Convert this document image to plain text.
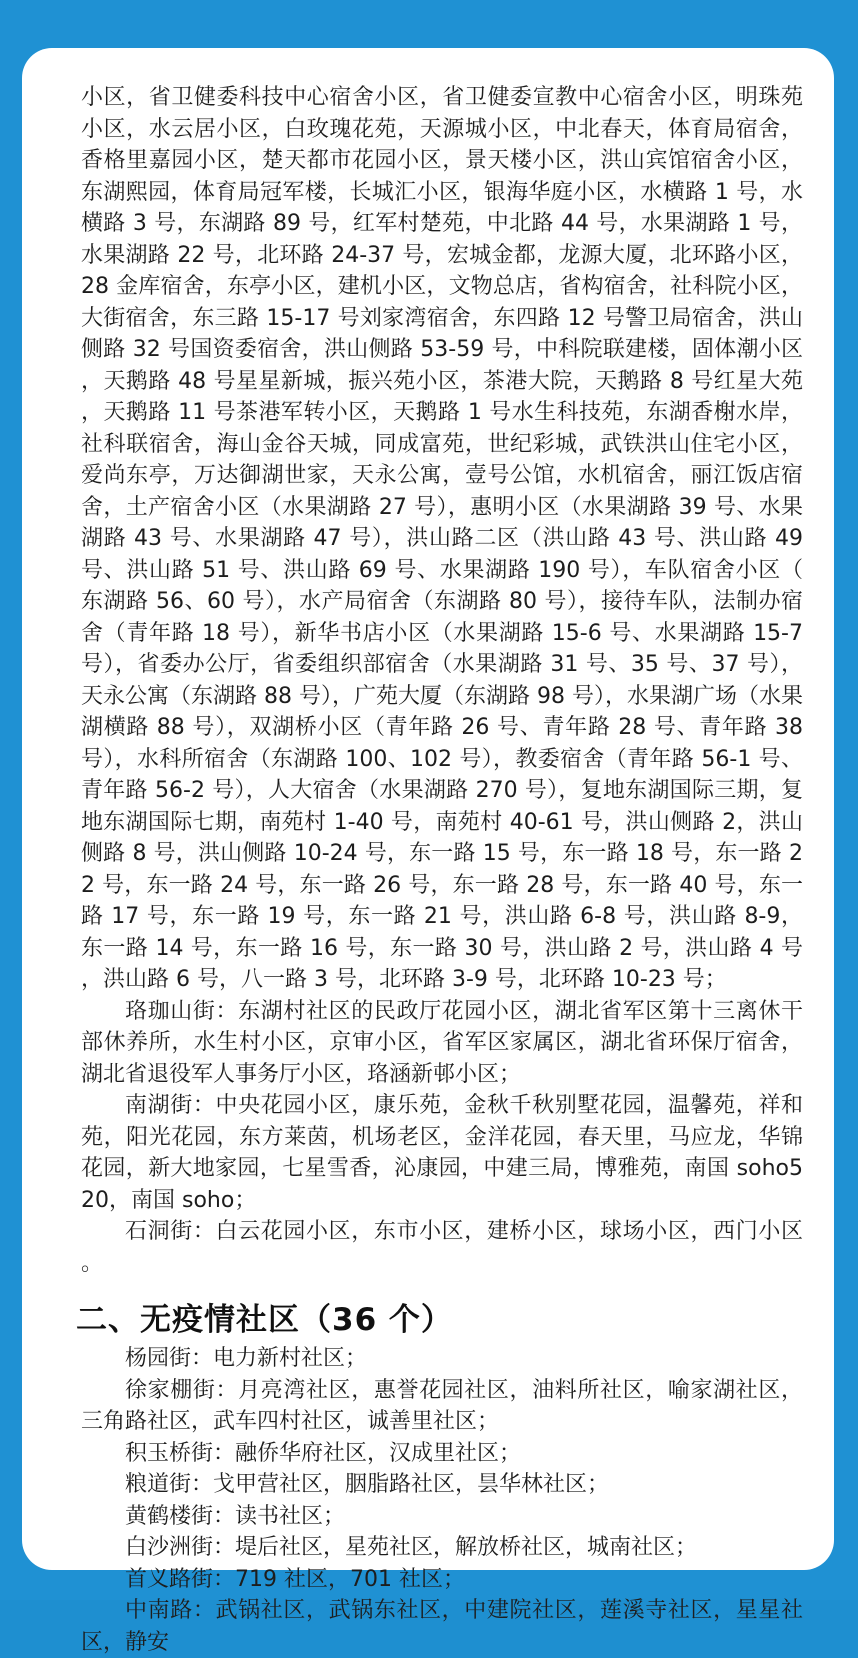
小区，省卫健委科技中心宿舍小区，省卫健委宣教中心宿舍小区，明珠苑小区，水云居小区，白玫瑰花苑，天源城小区，中北春天，体育局宿舍，香格里嘉园小区，楚天都市花园小区，景天楼小区，洪山宾馆宿舍小区，东湖熙园，体育局冠军楼，长城汇小区，银海华庭小区，水横路 1 号，水横路 3 号，东湖路 89 号，红军村楚苑，中北路 44 号，水果湖路 1 号，水果湖路 22 号，北环路 24-37 号，宏城金都，龙源大厦，北环路小区，28 金库宿舍，东亭小区，建机小区，文物总店，省构宿舍，社科院小区，大街宿舍，东三路 15-17 号刘家湾宿舍，东四路 12 号警卫局宿舍，洪山侧路 32 号国资委宿舍，洪山侧路 53-59 号，中科院联建楼，固体潮小区，天鹅路 48 号星星新城，振兴苑小区，茶港大院，天鹅路 8 号红星大苑，天鹅路 11 号茶港军转小区，天鹅路 1 号水生科技苑，东湖香榭水岸，社科联宿舍，海山金谷天城，同成富苑，世纪彩城，武铁洪山住宅小区，爱尚东亭，万达御湖世家，天永公寓，壹号公馆，水机宿舍，丽江饭店宿舍，土产宿舍小区（水果湖路 27 号），惠明小区（水果湖路 39 号、水果湖路 43 号、水果湖路 47 号），洪山路二区（洪山路 43 号、洪山路 49 号、洪山路 51 号、洪山路 69 号、水果湖路 190 号），车队宿舍小区（东湖路 56、60 号），水产局宿舍（东湖路 80 号），接待车队，法制办宿舍（青年路 18 号），新华书店小区（水果湖路 15-6 号、水果湖路 15-7 号），省委办公厅，省委组织部宿舍（水果湖路 31 号、35 号、37 号），天永公寓（东湖路 88 号），广苑大厦（东湖路 98 号），水果湖广场（水果湖横路 88 号），双湖桥小区（青年路 26 号、青年路 28 号、青年路 38 号），水科所宿舍（东湖路 100、102 号），教委宿舍（青年路 56-1 号、青年路 56-2 号），人大宿舍（水果湖路 270 号），复地东湖国际三期，复地东湖国际七期，南苑村 1-40 号，南苑村 40-61 号，洪山侧路 2，洪山侧路 8 号，洪山侧路 10-24 号，东一路 15 号，东一路 18 号，东一路 22 号，东一路 24 号，东一路 26 号，东一路 28 号，东一路 40 号，东一路 17 号，东一路 19 号，东一路 21 号，洪山路 6-8 号，洪山路 8-9，东一路 14 号，东一路 16 号，东一路 30 号，洪山路 2 号，洪山路 4 号，洪山路 6 号，八一路 3 号，北环路 3-9 号，北环路 10-23 号；

珞珈山街：东湖村社区的民政厅花园小区，湖北省军区第十三离休干部休养所，水生村小区，京审小区，省军区家属区，湖北省环保厅宿舍，湖北省退役军人事务厅小区，珞涵新邨小区；

南湖街：中央花园小区，康乐苑，金秋千秋别墅花园，温馨苑，祥和苑，阳光花园，东方莱茵，机场老区，金洋花园，春天里，马应龙，华锦花园，新大地家园，七星雪香，沁康园，中建三局，博雅苑，南国 soho520，南国 soho；

石洞街：白云花园小区，东市小区，建桥小区，球场小区，西门小区。

二、无疫情社区（36 个）

杨园街：电力新村社区；

徐家棚街：月亮湾社区，惠誉花园社区，油料所社区，喻家湖社区，三角路社区，武车四村社区，诚善里社区；

积玉桥街：融侨华府社区，汉成里社区；

粮道街：戈甲营社区，胭脂路社区，昙华林社区；

黄鹤楼街：读书社区；

白沙洲街：堤后社区，星苑社区，解放桥社区，城南社区；

首义路街：719 社区，701 社区；

中南路：武锅社区，武锅东社区，中建院社区，莲溪寺社区，星星社区，静安
